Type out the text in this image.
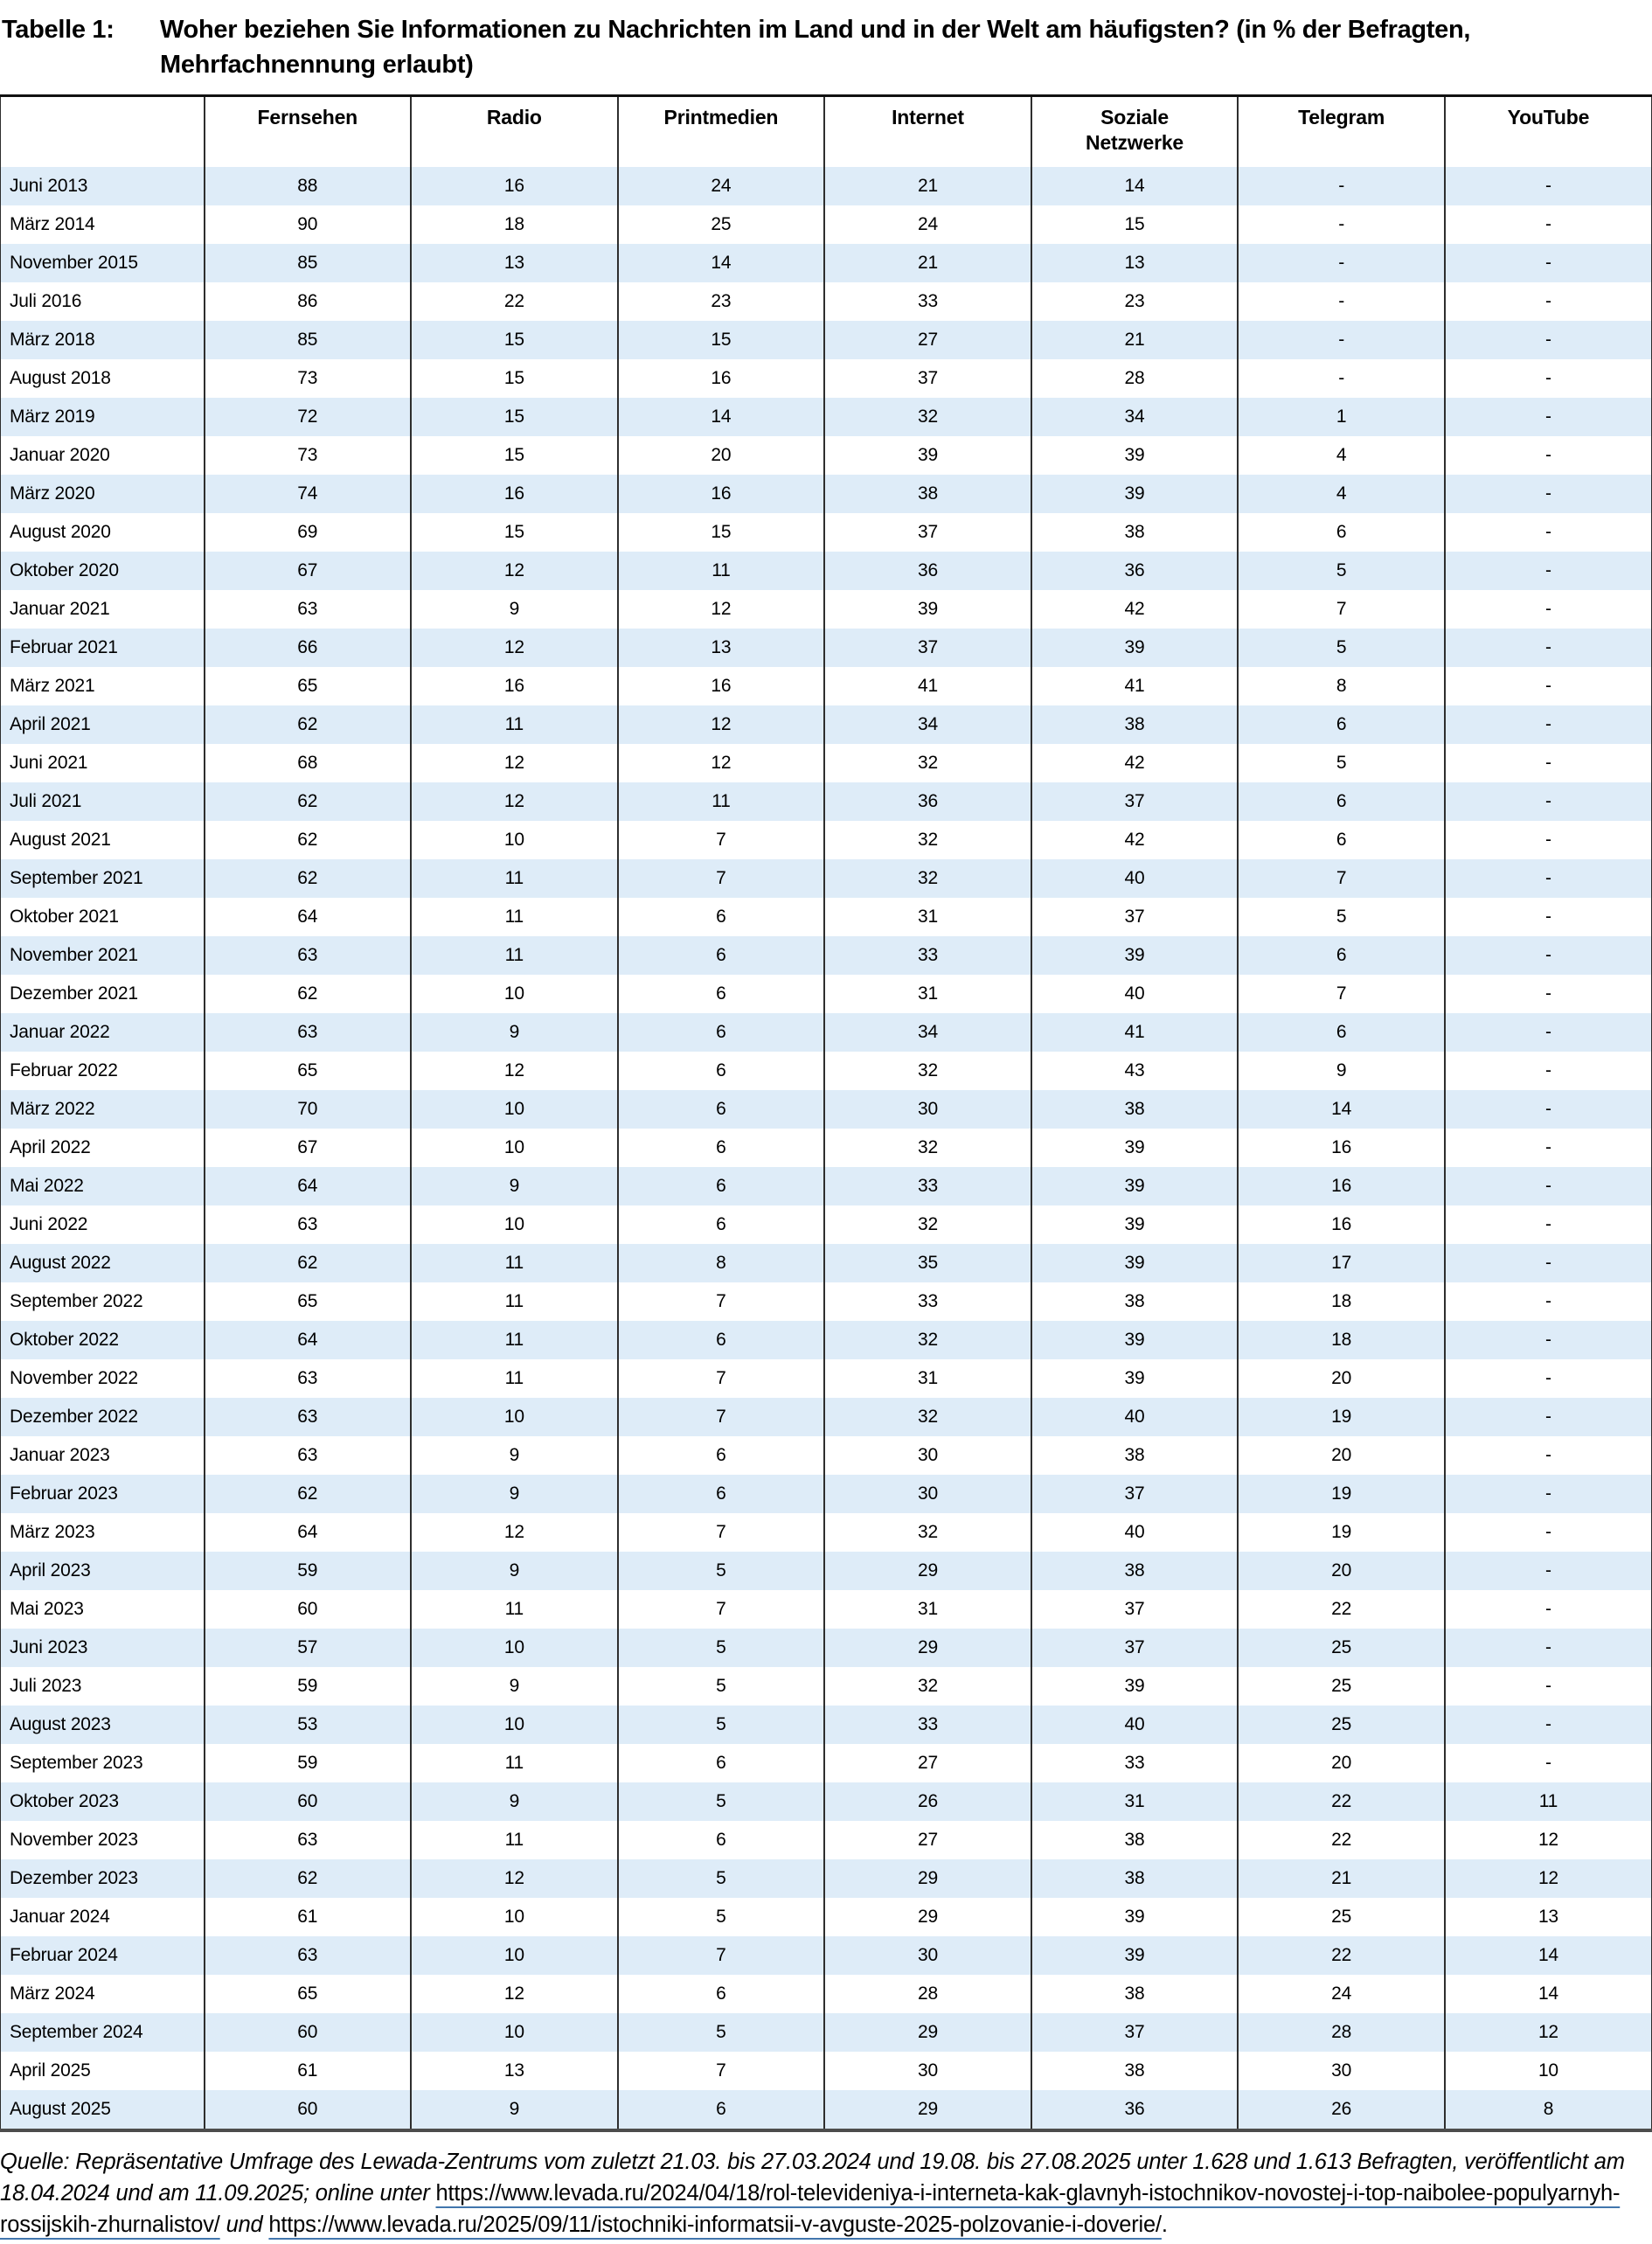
Tabelle 1:	Woher beziehen Sie Informationen zu Nachrichten im Land und in der Welt am häufigsten? (in % der Befragten, Mehrfachnennung erlaubt)
	Fernsehen	Radio	Printmedien	Internet	Soziale Netzwerke	Telegram	YouTube
Juni 2013	88	16	24	21	14	-	-
März 2014	90	18	25	24	15	-	-
November 2015	85	13	14	21	13	-	-
Juli 2016	86	22	23	33	23	-	-
März 2018	85	15	15	27	21	-	-
August 2018	73	15	16	37	28	-	-
März 2019	72	15	14	32	34	1	-
Januar 2020	73	15	20	39	39	4	-
März 2020	74	16	16	38	39	4	-
August 2020	69	15	15	37	38	6	-
Oktober 2020	67	12	11	36	36	5	-
Januar 2021	63	9	12	39	42	7	-
Februar 2021	66	12	13	37	39	5	-
März 2021	65	16	16	41	41	8	-
April 2021	62	11	12	34	38	6	-
Juni 2021	68	12	12	32	42	5	-
Juli 2021	62	12	11	36	37	6	-
August 2021	62	10	7	32	42	6	-
September 2021	62	11	7	32	40	7	-
Oktober 2021	64	11	6	31	37	5	-
November 2021	63	11	6	33	39	6	-
Dezember 2021	62	10	6	31	40	7	-
Januar 2022	63	9	6	34	41	6	-
Februar 2022	65	12	6	32	43	9	-
März 2022	70	10	6	30	38	14	-
April 2022	67	10	6	32	39	16	-
Mai 2022	64	9	6	33	39	16	-
Juni 2022	63	10	6	32	39	16	-
August 2022	62	11	8	35	39	17	-
September 2022	65	11	7	33	38	18	-
Oktober 2022	64	11	6	32	39	18	-
November 2022	63	11	7	31	39	20	-
Dezember 2022	63	10	7	32	40	19	-
Januar 2023	63	9	6	30	38	20	-
Februar 2023	62	9	6	30	37	19	-
März 2023	64	12	7	32	40	19	-
April 2023	59	9	5	29	38	20	-
Mai 2023	60	11	7	31	37	22	-
Juni 2023	57	10	5	29	37	25	-
Juli 2023	59	9	5	32	39	25	-
August 2023	53	10	5	33	40	25	-
September 2023	59	11	6	27	33	20	-
Oktober 2023	60	9	5	26	31	22	11
November 2023	63	11	6	27	38	22	12
Dezember 2023	62	12	5	29	38	21	12
Januar 2024	61	10	5	29	39	25	13
Februar 2024	63	10	7	30	39	22	14
März 2024	65	12	6	28	38	24	14
September 2024	60	10	5	29	37	28	12
April 2025	61	13	7	30	38	30	10
August 2025	60	9	6	29	36	26	8

Quelle: Repräsentative Umfrage des Lewada-Zentrums vom zuletzt 21.03. bis 27.03.2024 und 19.08. bis 27.08.2025 unter 1.628 und 1.613 Befragten, veröffentlicht am 18.04.2024 und am 11.09.2025; online unter https://www.levada.ru/2024/04/18/rol-televideniya-i-interneta-kak-glavnyh-istochnikov-novostej-i-top-naibolee-populyarnyh-rossijskih-zhurnalistov/ und https://www.levada.ru/2025/09/11/istochniki-informatsii-v-avguste-2025-polzovanie-i-doverie/.
